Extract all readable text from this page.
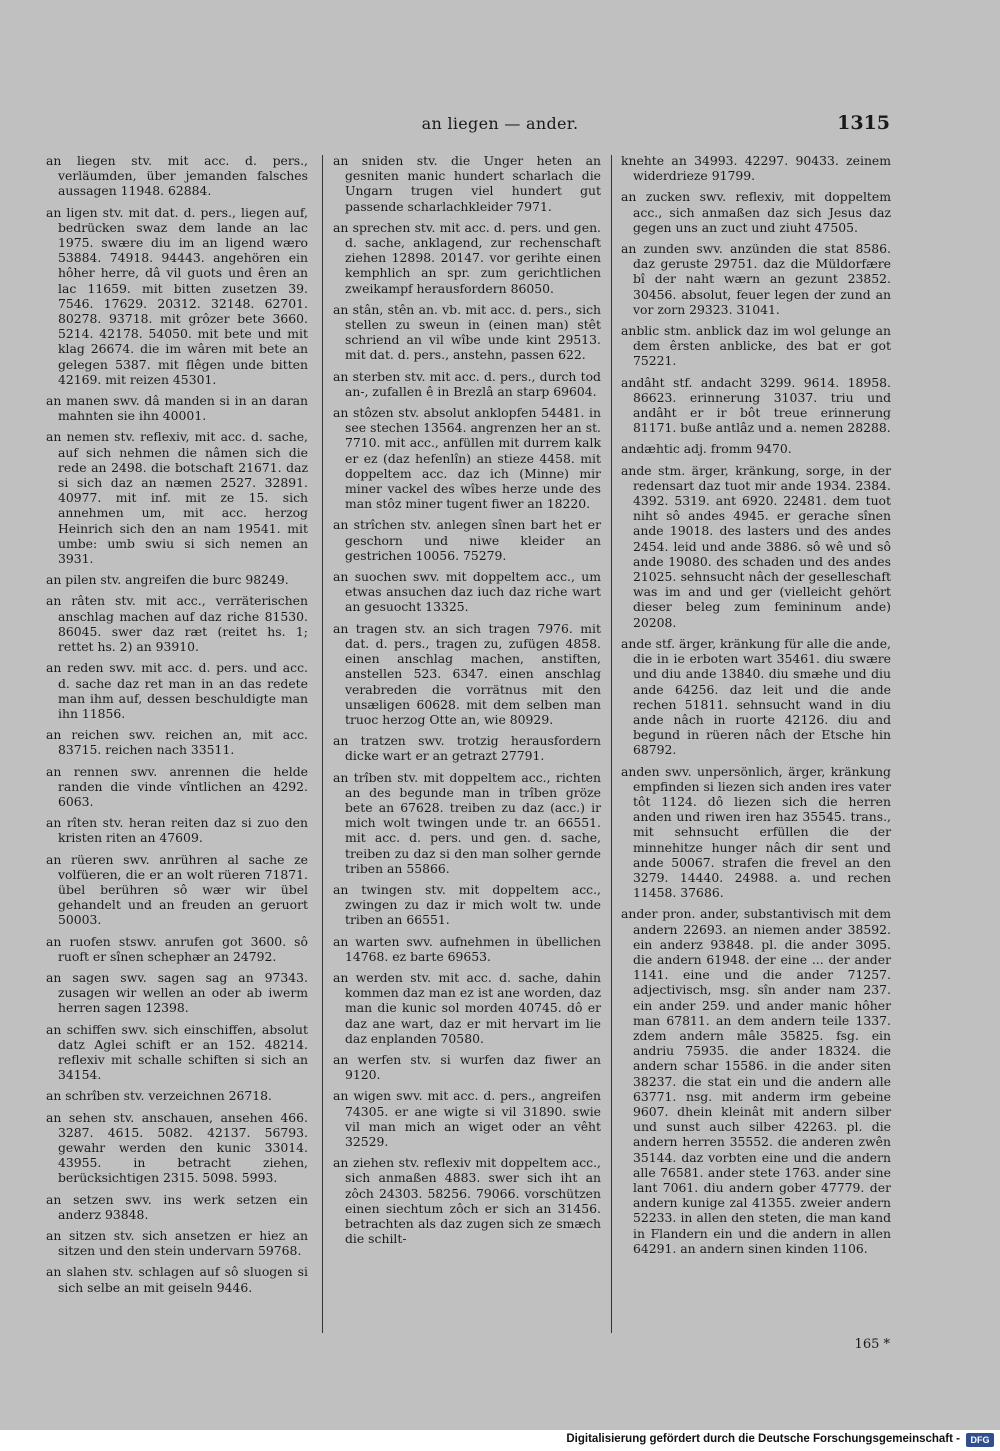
an liegen — ander.	1315

an liegen stv. mit acc. d. pers., verläumden, über jemanden falsches aussagen 11948. 62884.

an ligen stv. mit dat. d. pers., liegen auf, bedrücken swaz dem lande an lac 1975. swære diu im an ligend wæro 53884. 74918. 94443. angehören ein hôher herre, dâ vil guots und êren an lac 11659. mit bitten zusetzen 39. 7546. 17629. 20312. 32148. 62701. 80278. 93718. mit grôzer bete 3660. 5214. 42178. 54050. mit bete und mit klag 26674. die im wâren mit bete an gelegen 5387. mit flêgen unde bitten 42169. mit reizen 45301.

an manen swv. dâ manden si in an daran mahnten sie ihn 40001.

an nemen stv. reflexiv, mit acc. d. sache, auf sich nehmen die nâmen sich die rede an 2498. die botschaft 21671. daz si sich daz an næmen 2527. 32891. 40977. mit inf. mit ze 15. sich annehmen um, mit acc. herzog Heinrich sich den an nam 19541. mit umbe: umb swiu si sich nemen an 3931.

an pilen stv. angreifen die burc 98249.

an râten stv. mit acc., verräterischen anschlag machen auf daz riche 81530. 86045. swer daz ræt (reitet hs. 1; rettet hs. 2) an 93910.

an reden swv. mit acc. d. pers. und acc. d. sache daz ret man in an das redete man ihm auf, dessen beschuldigte man ihn 11856.

an reichen swv. reichen an, mit acc. 83715. reichen nach 33511.

an rennen swv. anrennen die helde randen die vinde vîntlichen an 4292. 6063.

an rîten stv. heran reiten daz si zuo den kristen riten an 47609.

an rüeren swv. anrühren al sache ze volfüeren, die er an wolt rüeren 71871. übel berühren sô wær wir übel gehandelt und an freuden an geruort 50003.

an ruofen stswv. anrufen got 3600. sô ruoft er sînen schephær an 24792.

an sagen swv. sagen sag an 97343. zusagen wir wellen an oder ab iwerm herren sagen 12398.

an schiffen swv. sich einschiffen, absolut datz Aglei schift er an 152. 48214. reflexiv mit schalle schiften si sich an 34154.

an schrîben stv. verzeichnen 26718.

an sehen stv. anschauen, ansehen 466. 3287. 4615. 5082. 42137. 56793. gewahr werden den kunic 33014. 43955. in betracht ziehen, berücksichtigen 2315. 5098. 5993.

an setzen swv. ins werk setzen ein anderz 93848.

an sitzen stv. sich ansetzen er hiez an sitzen und den stein undervarn 59768.

an slahen stv. schlagen auf sô sluogen si sich selbe an mit geiseln 9446.

an sniden stv. die Unger heten an gesniten manic hundert scharlach die Ungarn trugen viel hundert gut passende scharlachkleider 7971.

an sprechen stv. mit acc. d. pers. und gen. d. sache, anklagend, zur rechenschaft ziehen 12898. 20147. vor gerihte einen kemphlich an spr. zum gerichtlichen zweikampf herausfordern 86050.

an stân, stên an. vb. mit acc. d. pers., sich stellen zu sweun in (einen man) stêt schriend an vil wîbe unde kint 29513. mit dat. d. pers., anstehn, passen 622.

an sterben stv. mit acc. d. pers., durch tod an-, zufallen ê in Brezlâ an starp 69604.

an stôzen stv. absolut anklopfen 54481. in see stechen 13564. angrenzen her an st. 7710. mit acc., anfüllen mit durrem kalk er ez (daz hefenlîn) an stieze 4458. mit doppeltem acc. daz ich (Minne) mir miner vackel des wîbes herze unde des man stôz miner tugent fiwer an 18220.

an strîchen stv. anlegen sînen bart het er geschorn und niwe kleider an gestrichen 10056. 75279.

an suochen swv. mit doppeltem acc., um etwas ansuchen daz iuch daz riche wart an gesuocht 13325.

an tragen stv. an sich tragen 7976. mit dat. d. pers., tragen zu, zufügen 4858. einen anschlag machen, anstiften, anstellen 523. 6347. einen anschlag verabreden die vorrätnus mit den unsæligen 60628. mit dem selben man truoc herzog Otte an, wie 80929.

an tratzen swv. trotzig herausfordern dicke wart er an getrazt 27791.

an trîben stv. mit doppeltem acc., richten an des begunde man in trîben gröze bete an 67628. treiben zu daz (acc.) ir mich wolt twingen unde tr. an 66551. mit acc. d. pers. und gen. d. sache, treiben zu daz si den man solher gernde triben an 55866.

an twingen stv. mit doppeltem acc., zwingen zu daz ir mich wolt tw. unde triben an 66551.

an warten swv. aufnehmen in übellichen 14768. ez barte 69653.

an werden stv. mit acc. d. sache, dahin kommen daz man ez ist ane worden, daz man die kunic sol morden 40745. dô er daz ane wart, daz er mit hervart im lie daz enplanden 70580.

an werfen stv. si wurfen daz fiwer an 9120.

an wigen swv. mit acc. d. pers., angreifen 74305. er ane wigte si vil 31890. swie vil man mich an wiget oder an vêht 32529.

an ziehen stv. reflexiv mit doppeltem acc., sich anmaßen 4883. swer sich iht an zôch 24303. 58256. 79066. vorschützen einen siechtum zôch er sich an 31456. betrachten als daz zugen sich ze smæch die schilt-

knehte an 34993. 42297. 90433. zeinem widerdrieze 91799.

an zucken swv. reflexiv, mit doppeltem acc., sich anmaßen daz sich Jesus daz gegen uns an zuct und ziuht 47505.

an zunden swv. anzünden die stat 8586. daz geruste 29751. daz die Müldorfære bî der naht wærn an gezunt 23852. 30456. absolut, feuer legen der zund an vor zorn 29323. 31041.

anblic stm. anblick daz im wol gelunge an dem êrsten anblicke, des bat er got 75221.

andâht stf. andacht 3299. 9614. 18958. 86623. erinnerung 31037. triu und andâht er ir bôt treue erinnerung 81171. buße antlâz und a. nemen 28288.

andæhtic adj. fromm 9470.

ande stm. ärger, kränkung, sorge, in der redensart daz tuot mir ande 1934. 2384. 4392. 5319. ant 6920. 22481. dem tuot niht sô andes 4945. er gerache sînen ande 19018. des lasters und des andes 2454. leid und ande 3886. sô wê und sô ande 19080. des schaden und des andes 21025. sehnsucht nâch der geselleschaft was im and und ger (vielleicht gehört dieser beleg zum femininum ande) 20208.

ande stf. ärger, kränkung für alle die ande, die in ie erboten wart 35461. diu swære und diu ande 13840. diu smæhe und diu ande 64256. daz leit und die ande rechen 51811. sehnsucht wand in diu ande nâch in ruorte 42126. diu and begund in rüeren nâch der Etsche hin 68792.

anden swv. unpersönlich, ärger, kränkung empfinden si liezen sich anden ires vater tôt 1124. dô liezen sich die herren anden und riwen iren haz 35545. trans., mit sehnsucht erfüllen die der minnehitze hunger nâch dir sent und ande 50067. strafen die frevel an den 3279. 14440. 24988. a. und rechen 11458. 37686.

ander pron. ander, substantivisch mit dem andern 22693. an niemen ander 38592. ein anderz 93848. pl. die ander 3095. die andern 61948. der eine ... der ander 1141. eine und die ander 71257. adjectivisch, msg. sîn ander nam 237. ein ander 259. und ander manic hôher man 67811. an dem andern teile 1337. zdem andern mâle 35825. fsg. ein andriu 75935. die ander 18324. die andern schar 15586. in die ander siten 38237. die stat ein und die andern alle 63771. nsg. mit anderm irm gebeine 9607. dhein kleinât mit andern silber und sunst auch silber 42263. pl. die andern herren 35552. die anderen zwên 35144. daz vorbten eine und die andern alle 76581. ander stete 1763. ander sine lant 7061. diu andern gober 47779. der andern kunige zal 41355. zweier andern 52233. in allen den steten, die man kand in Flandern ein und die andern in allen 64291. an andern sinen kinden 1106.

165 *
Digitalisierung gefördert durch die Deutsche Forschungsgemeinschaft -	DFG
